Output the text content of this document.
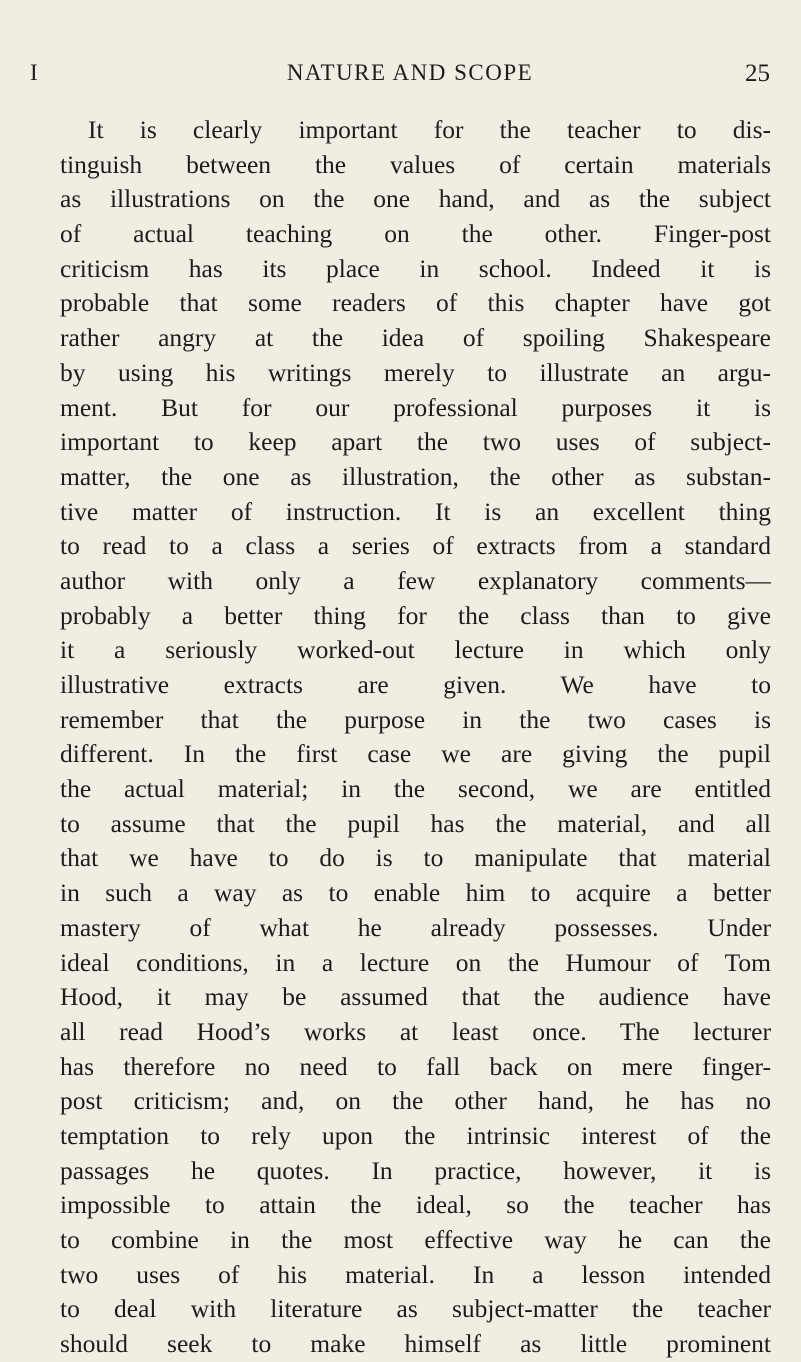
I	NATURE AND SCOPE	25
It is clearly important for the teacher to dis-
tinguish between the values of certain materials
as illustrations on the one hand, and as the subject
of actual teaching on the other. Finger-post
criticism has its place in school. Indeed it is
probable that some readers of this chapter have got
rather angry at the idea of spoiling Shakespeare
by using his writings merely to illustrate an argu-
ment. But for our professional purposes it is
important to keep apart the two uses of subject-
matter, the one as illustration, the other as substan-
tive matter of instruction. It is an excellent thing
to read to a class a series of extracts from a standard
author with only a few explanatory comments—
probably a better thing for the class than to give
it a seriously worked-out lecture in which only
illustrative extracts are given. We have to
remember that the purpose in the two cases is
different. In the first case we are giving the pupil
the actual material; in the second, we are entitled
to assume that the pupil has the material, and all
that we have to do is to manipulate that material
in such a way as to enable him to acquire a better
mastery of what he already possesses. Under
ideal conditions, in a lecture on the Humour of Tom
Hood, it may be assumed that the audience have
all read Hood’s works at least once. The lecturer
has therefore no need to fall back on mere finger-
post criticism; and, on the other hand, he has no
temptation to rely upon the intrinsic interest of the
passages he quotes. In practice, however, it is
impossible to attain the ideal, so the teacher has
to combine in the most effective way he can the
two uses of his material. In a lesson intended
to deal with literature as subject-matter the teacher
should seek to make himself as little prominent
